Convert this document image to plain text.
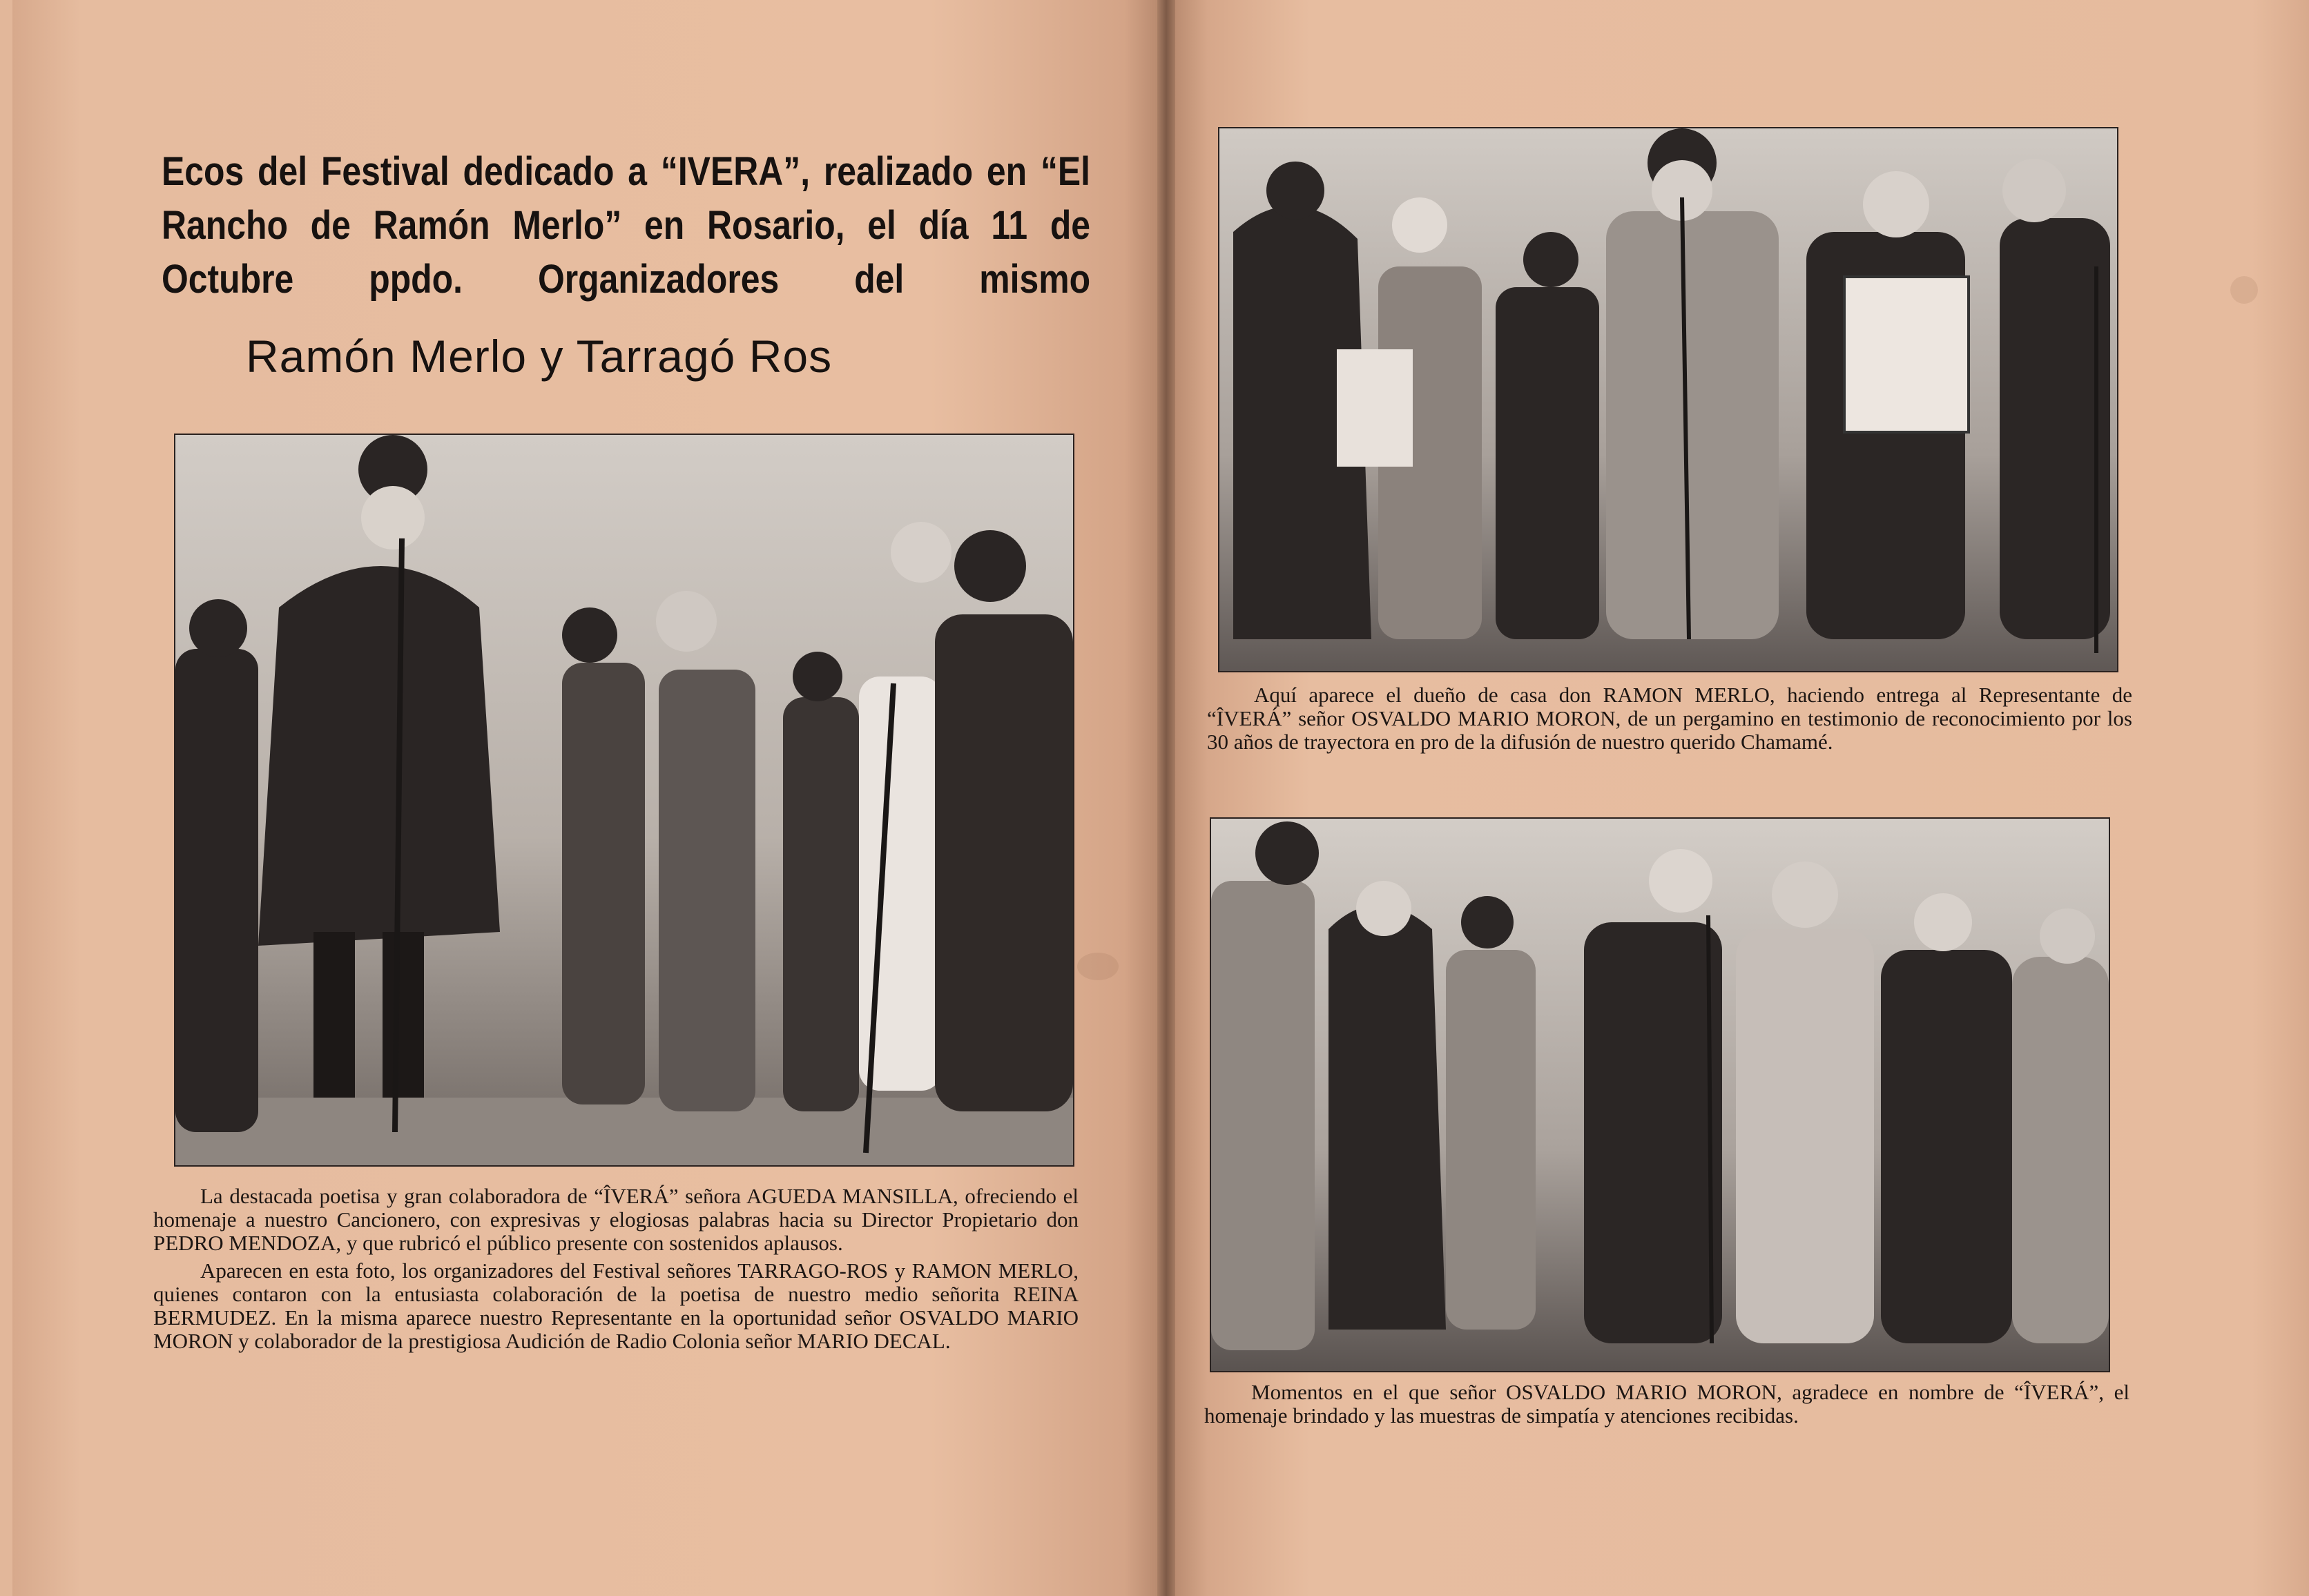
Ecos del Festival dedicado a “IVERA”, realizado en “El Rancho de Ramón Merlo” en Rosario, el día 11 de Octubre ppdo. Organizadores del mismo
Ramón Merlo y Tarragó Ros

La destacada poetisa y gran colaboradora de “ÎVERÁ” señora AGUEDA MANSILLA, ofreciendo el homenaje a nuestro Cancionero, con expresivas y elogiosas palabras hacia su Director Propietario don PEDRO MENDOZA, y que rubricó el público presente con sostenidos aplausos.

Aparecen en esta foto, los organizadores del Festival señores TARRAGO-ROS y RAMON MERLO, quienes contaron con la entusiasta colaboración de la poetisa de nuestro medio señorita REINA BERMUDEZ. En la misma aparece nuestro Representante en la oportunidad señor OSVALDO MARIO MORON y colaborador de la prestigiosa Audición de Radio Colonia señor MARIO DECAL.

Aquí aparece el dueño de casa don RAMON MERLO, haciendo entrega al Representante de “ÎVERÁ” señor OSVALDO MARIO MORON, de un pergamino en testimonio de reconocimiento por los 30 años de trayectora en pro de la difusión de nuestro querido Chamamé.
Momentos en el que señor OSVALDO MARIO MORON, agradece en nombre de “ÎVERÁ”, el homenaje brindado y las muestras de simpatía y atenciones recibidas.
